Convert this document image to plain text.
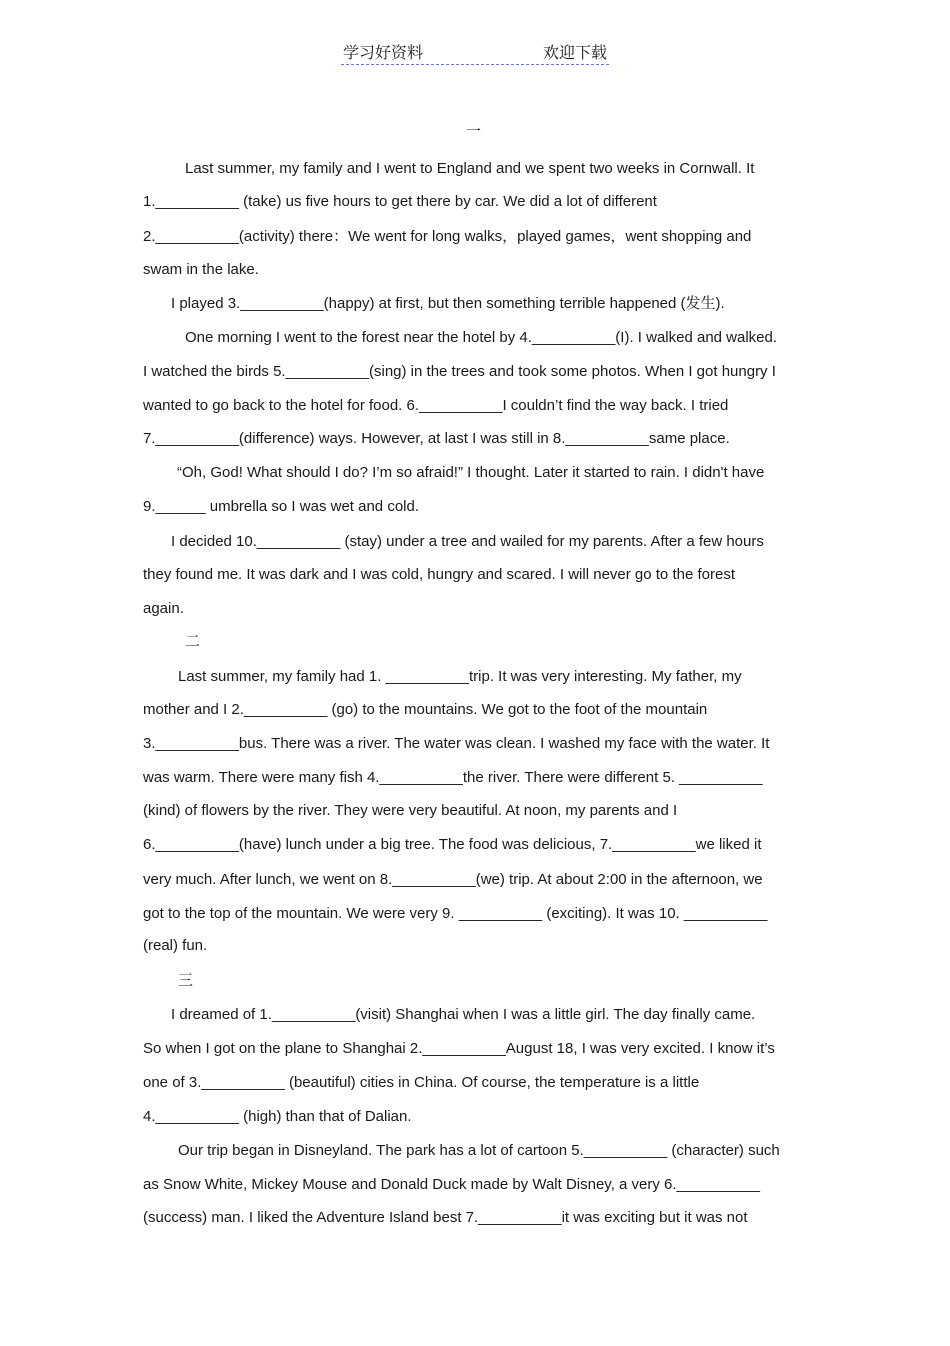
学习好资料	欢迎下载
一
Last summer, my family and I went to England and we spent two weeks in Cornwall. It
1.__________ (take) us five hours to get there by car. We did a lot of different
2.__________(activity) there：We went for long walks，played games，went shopping and
swam in the lake.
I played 3.__________(happy) at first, but then something terrible happened (发生).
One morning I went to the forest near the hotel by 4.__________(I). I walked and walked.
I watched the birds 5.__________(sing) in the trees and took some photos. When I got hungry I
wanted to go back to the hotel for food. 6.__________I couldn’t find the way back. I tried
7.__________(difference) ways. However, at last I was still in 8.__________same place.
“Oh, God! What should I do? I’m so afraid!” I thought. Later it started to rain. I didn't have
9.______ umbrella so I was wet and cold.
I decided 10.__________ (stay) under a tree and wailed for my parents. After a few hours
they found me. It was dark and I was cold, hungry and scared. I will never go to the forest
again.
二
Last summer, my family had 1. __________trip. It was very interesting. My father, my
mother and I 2.__________ (go) to the mountains. We got to the foot of the mountain
3.__________bus. There was a river. The water was clean. I washed my face with the water. It
was warm. There were many fish 4.__________the river. There were different 5. __________
(kind) of flowers by the river. They were very beautiful. At noon, my parents and I
6.__________(have) lunch under a big tree. The food was delicious, 7.__________we liked it
very much. After lunch, we went on 8.__________(we) trip. At about 2:00 in the afternoon, we
got to the top of the mountain. We were very 9. __________ (exciting). It was 10. __________
(real) fun.
三
I dreamed of 1.__________(visit) Shanghai when I was a little girl. The day finally came.
So when I got on the plane to Shanghai 2.__________August 18, I was very excited. I know it’s
one of 3.__________ (beautiful) cities in China. Of course, the temperature is a little
4.__________ (high) than that of Dalian.
Our trip began in Disneyland. The park has a lot of cartoon 5.__________ (character) such
as Snow White, Mickey Mouse and Donald Duck made by Walt Disney, a very 6.__________
(success) man. I liked the Adventure Island best 7.__________it was exciting but it was not
